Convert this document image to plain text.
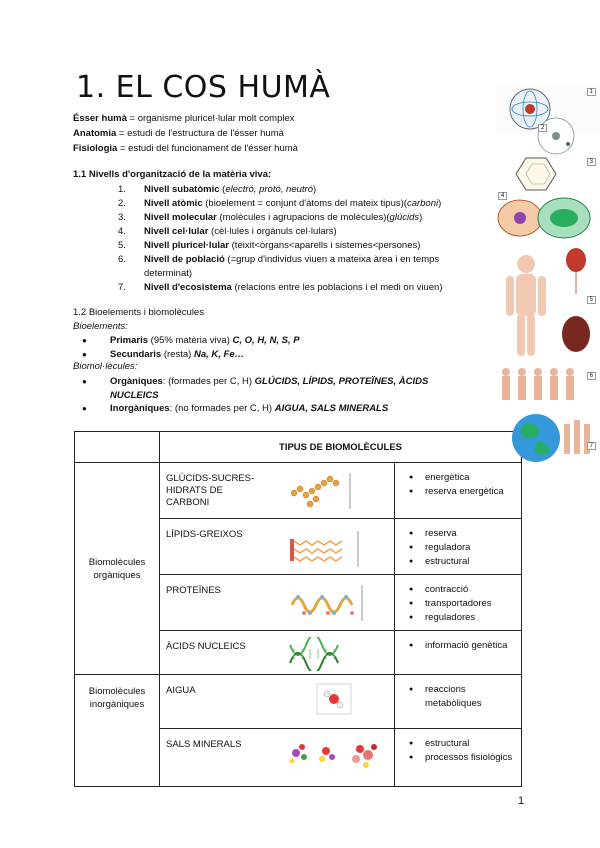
1. EL COS HUMÀ
Ésser humà = organisme pluricel·lular molt complex
Anatomia = estudi de l'estructura de l'ésser humà
Fisiologia = estudi del funcionament de l'ésser humà
1.1 Nivells d'organització de la matèria viva:
1.	Nivell subatòmic (electró, protó, neutró)
2.	Nivell atòmic (bioelement = conjunt d'àtoms del mateix tipus)(carboni)
3.	Nivell molecular (molècules i agrupacions de molècules)(glúcids)
4.	Nivell cel·lular (cèl·lules i orgànuls cel·lulars)
5.	Nivell pluricel·lular (teixit<òrgans<aparells i sistemes<persones)
6.	Nivell de població (=grup d'individus viuen a mateixa àrea i en temps determinat)
7.	Nivell d'ecosistema (relacions entre les poblacions i el medi on viuen)
1.2 Bioelements i biomolècules
Bioelements:
● Primaris (95% matèria viva) C, O, H, N, S, P
● Secundaris (resta) Na, K, Fe…
Biomol·lècules:
● Orgàniques: (formades per C, H) GLÚCIDS, LÍPIDS, PROTEÏNES, ÀCIDS NUCLEICS
● Inorgàniques: (no formades per C, H) AIGUA, SALS MINERALS
	TIPUS DE BIOMOLÈCULES	
Biomolècules orgàniques	GLÚCIDS-SUCRES-HIDRATS DE CARBONI	● energètica
● reserva energètica

	LÍPIDS-GREIXOS	● reserva
● reguladora
● estructural

	PROTEÏNES	● contracció
● transportadores
● reguladores

	ÀCIDS NUCLEICS	● informació genètica

Biomolècules inorgàniques	AIGUA	● reaccions metabòliques

	SALS MINERALS	● estructural
● processos fisiològics
1
2
3
4
5
6
7
1
